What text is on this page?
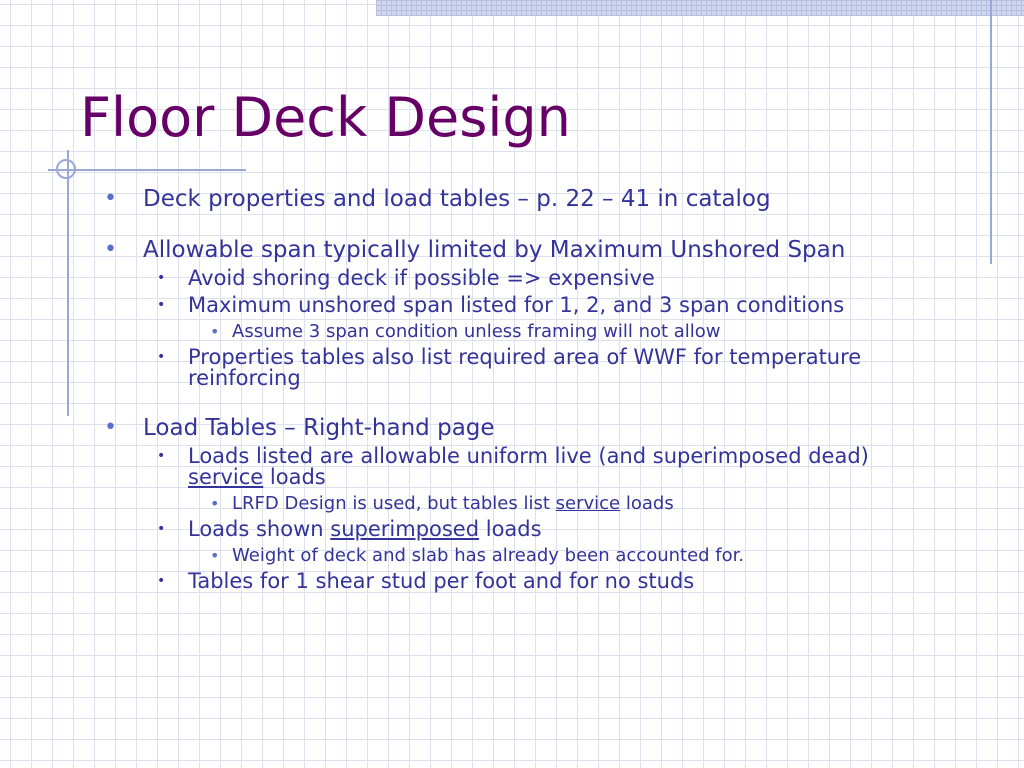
Floor Deck Design
• Deck properties and load tables – p. 22 – 41 in catalog
• Allowable span typically limited by Maximum Unshored Span
• Avoid shoring deck if possible => expensive
• Maximum unshored span listed for 1, 2, and 3 span conditions
• Assume 3 span condition unless framing will not allow
• Properties tables also list required area of WWF for temperature reinforcing
• Load Tables – Right-hand page
• Loads listed are allowable uniform live (and superimposed dead) service loads
• LRFD Design is used, but tables list service loads
• Loads shown superimposed loads
• Weight of deck and slab has already been accounted for.
• Tables for 1 shear stud per foot and for no studs
